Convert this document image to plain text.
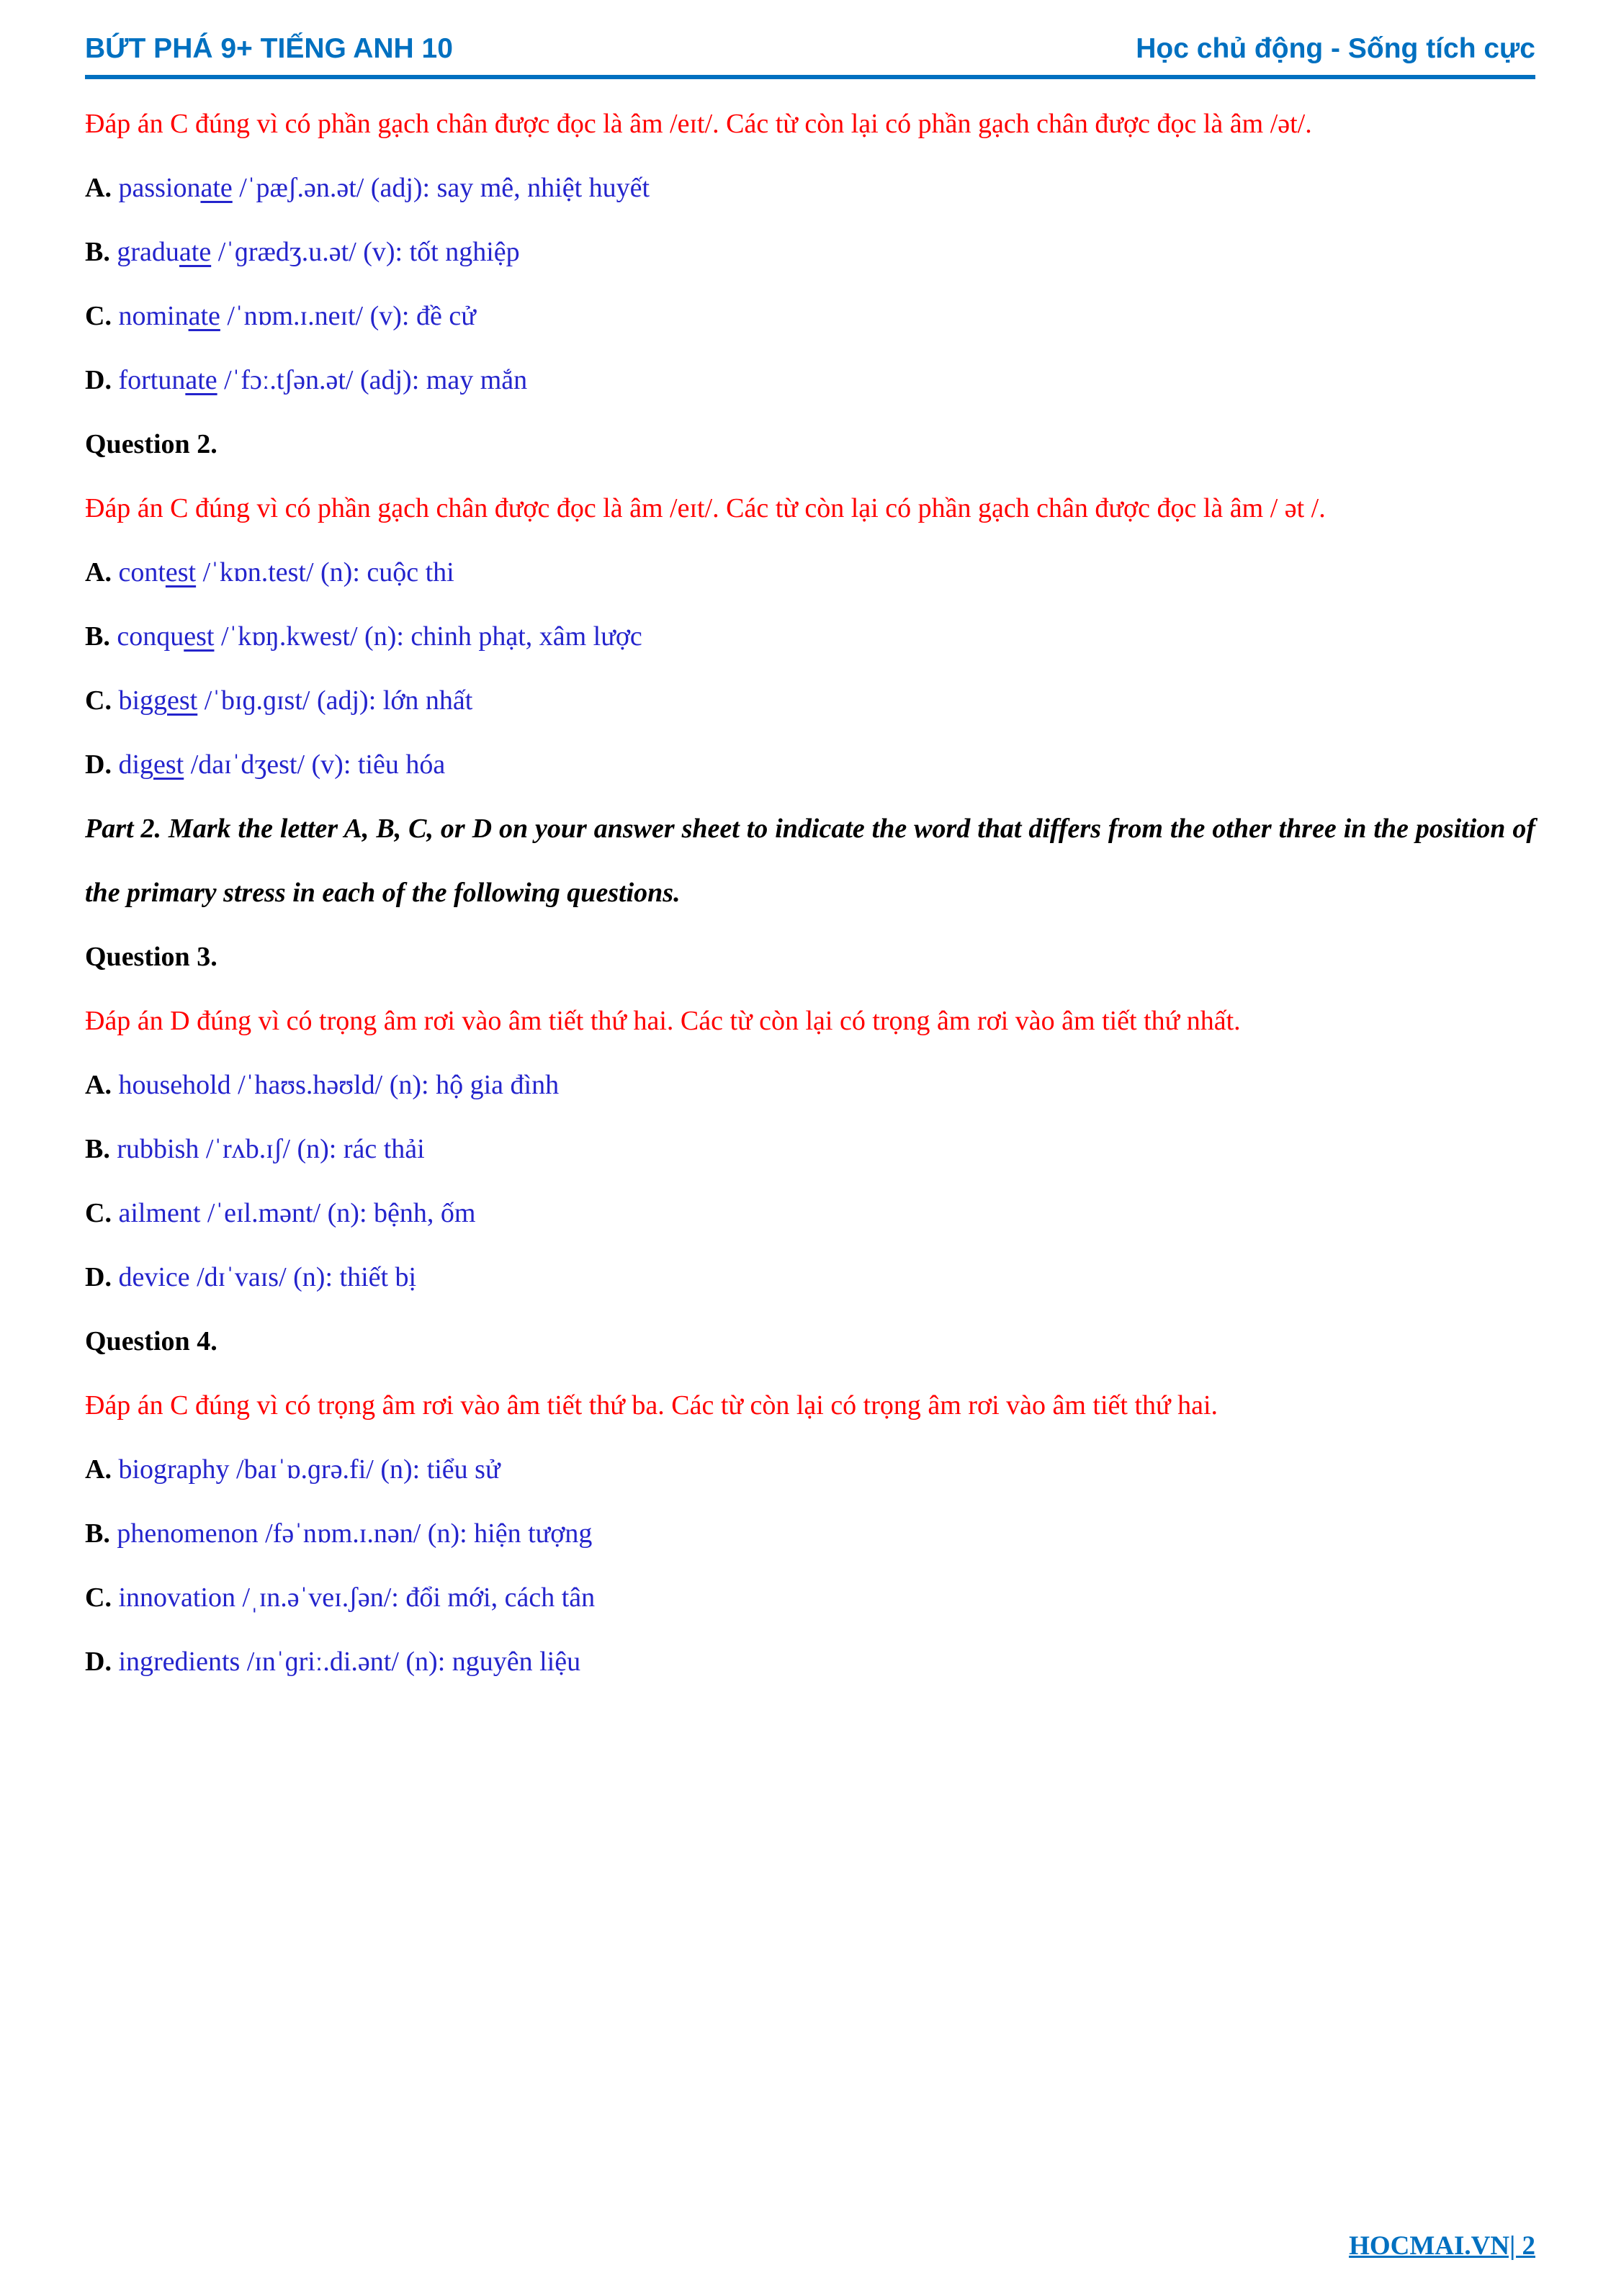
BỨT PHÁ 9+ TIẾNG ANH 10	Học chủ động - Sống tích cực

Đáp án C đúng vì có phần gạch chân được đọc là âm /eɪt/. Các từ còn lại có phần gạch chân được đọc là âm /ət/.

A. passionate /ˈpæʃ.ən.ət/ (adj): say mê, nhiệt huyết

B. graduate /ˈɡrædʒ.u.ət/ (v): tốt nghiệp

C. nominate /ˈnɒm.ɪ.neɪt/ (v): đề cử

D. fortunate /ˈfɔː.tʃən.ət/ (adj): may mắn

Question 2.

Đáp án C đúng vì có phần gạch chân được đọc là âm /eɪt/. Các từ còn lại có phần gạch chân được đọc là âm / ət /.

A. contest /ˈkɒn.test/ (n): cuộc thi

B. conquest /ˈkɒŋ.kwest/ (n): chinh phạt, xâm lược

C. biggest /ˈbɪɡ.ɡɪst/ (adj): lớn nhất

D. digest /daɪˈdʒest/ (v): tiêu hóa

Part 2. Mark the letter A, B, C, or D on your answer sheet to indicate the word that differs from the other three in the position of the primary stress in each of the following questions.

Question 3.

Đáp án D đúng vì có trọng âm rơi vào âm tiết thứ hai. Các từ còn lại có trọng âm rơi vào âm tiết thứ nhất.

A. household /ˈhaʊs.həʊld/ (n): hộ gia đình

B. rubbish /ˈrʌb.ɪʃ/ (n): rác thải

C. ailment /ˈeɪl.mənt/ (n): bệnh, ốm

D. device /dɪˈvaɪs/ (n): thiết bị

Question 4.

Đáp án C đúng vì có trọng âm rơi vào âm tiết thứ ba. Các từ còn lại có trọng âm rơi vào âm tiết thứ hai.

A. biography /baɪˈɒ.ɡrə.fi/ (n): tiểu sử

B. phenomenon /fəˈnɒm.ɪ.nən/ (n): hiện tượng

C. innovation /ˌɪn.əˈveɪ.ʃən/: đổi mới, cách tân

D. ingredients /ɪnˈɡriː.di.ənt/ (n): nguyên liệu

HOCMAI.VN| 2
